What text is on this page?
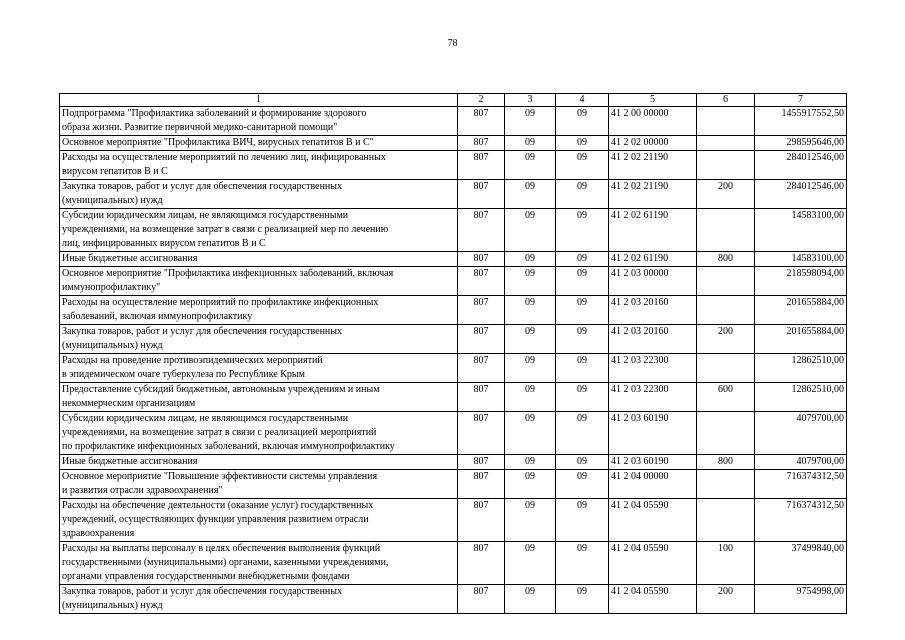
78
1	2	3	4	5	6	7
Подпрограмма "Профилактика заболеваний и формирование здорового
образа жизни. Развитие первичной медико-санитарной помощи"	807	09	09	41 2 00 00000		1455917552,50
Основное мероприятие "Профилактика ВИЧ, вирусных гепатитов В и С"	807	09	09	41 2 02 00000		298595646,00
Расходы на осуществление мероприятий по лечению лиц, инфицированных
вирусом гепатитов В и С	807	09	09	41 2 02 21190		284012546,00
Закупка товаров, работ и услуг для обеспечения государственных
(муниципальных) нужд	807	09	09	41 2 02 21190	200	284012546,00
Субсидии юридическим лицам, не являющимся государственными
учреждениями, на возмещение затрат в связи с реализацией мер по лечению
лиц, инфицированных вирусом гепатитов В и С	807	09	09	41 2 02 61190		14583100,00
Иные бюджетные ассигнования	807	09	09	41 2 02 61190	800	14583100,00
Основное мероприятие "Профилактика инфекционных заболеваний, включая
иммунопрофилактику"	807	09	09	41 2 03 00000		218598094,00
Расходы на осуществление мероприятий по профилактике инфекционных
заболеваний, включая иммунопрофилактику	807	09	09	41 2 03 20160		201655884,00
Закупка товаров, работ и услуг для обеспечения государственных
(муниципальных) нужд	807	09	09	41 2 03 20160	200	201655884,00
Расходы на проведение противоэпидемических мероприятий
в эпидемическом очаге туберкулеза по Республике Крым	807	09	09	41 2 03 22300		12862510,00
Предоставление субсидий бюджетным, автономным учреждениям и иным
некоммерческим организациям	807	09	09	41 2 03 22300	600	12862510,00
Субсидии юридическим лицам, не являющимся государственными
учреждениями, на возмещение затрат в связи с реализацией мероприятий
по профилактике инфекционных заболеваний, включая иммунопрофилактику	807	09	09	41 2 03 60190		4079700,00
Иные бюджетные ассигнования	807	09	09	41 2 03 60190	800	4079700,00
Основное мероприятие "Повышение эффективности системы управления
и развития отрасли здравоохранения"	807	09	09	41 2 04 00000		716374312,50
Расходы на обеспечение деятельности (оказание услуг) государственных
учреждений, осуществляющих функции управления развитием отрасли
здравоохранения	807	09	09	41 2 04 05590		716374312,50
Расходы на выплаты персоналу в целях обеспечения выполнения функций
государственными (муниципальными) органами, казенными учреждениями,
органами управления государственными внебюджетными фондами	807	09	09	41 2 04 05590	100	37499840,00
Закупка товаров, работ и услуг для обеспечения государственных
(муниципальных) нужд	807	09	09	41 2 04 05590	200	9754998,00
